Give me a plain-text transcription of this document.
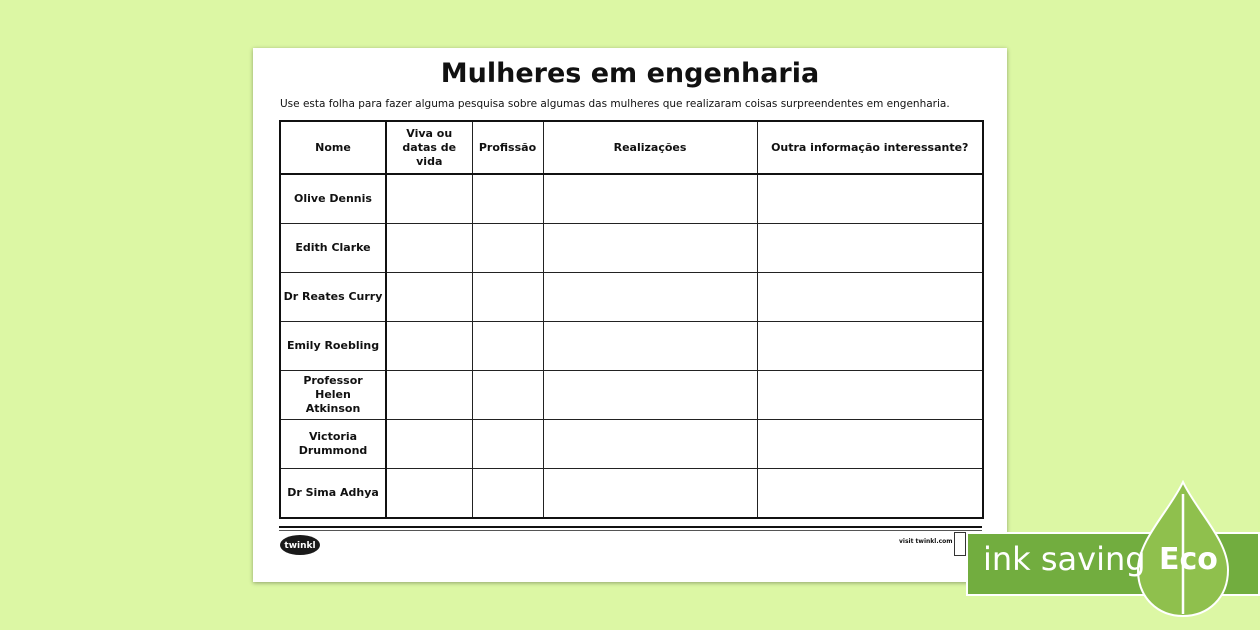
Mulheres em engenharia
Use esta folha para fazer alguma pesquisa sobre algumas das mulheres que realizaram coisas surpreendentes em engenharia.
Nome	Viva ou datas de vida	Profissão	Realizações	Outra informação interessante?
Olive Dennis				
Edith Clarke				
Dr Reates Curry				
Emily Roebling				
Professor Helen Atkinson				
Victoria Drummond				
Dr Sima Adhya				
twinkl	visit twinkl.com ink saving Eco
